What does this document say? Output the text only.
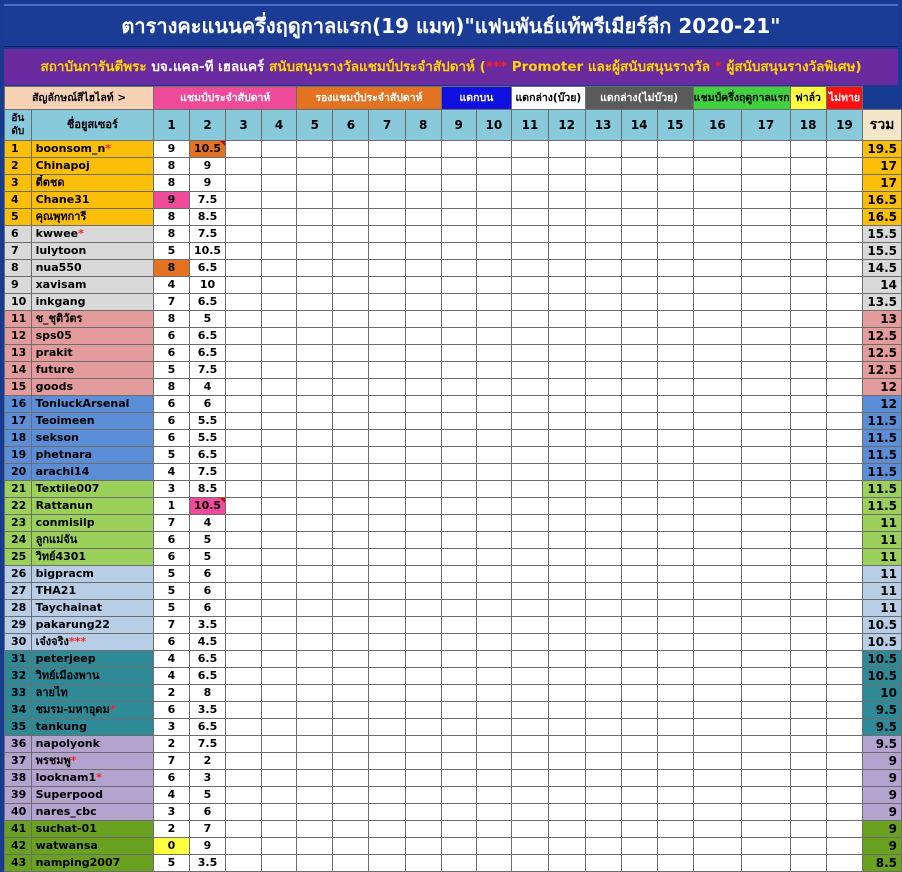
ตารางคะแนนครึ่งฤดูกาลแรก(19 แมท)"แฟนพันธ์แท้พรีเมียร์ลีก 2020-21"
สถาบันการันตีพระ บจ.แคล-ที เฮลแคร์ สนับสนุนรางวัลแชมป์ประจำสัปดาห์ (*** Promoter และผู้สนับสนุนรางวัล * ผู้สนับสนุนรางวัลพิเศษ)
สัญลักษณ์สีไฮไลท์ >		แชมป์ประจำสัปดาห์				รองแชมป์ประจำสัปดาห์				แดกบน		แดกล่าง(บ๊วย)		แดกล่าง(ไม่บ๊วย)			แชมป์ครึ่งฤดูกาลแรก		ฟาล์ว	ไม่ทาย	
อัน ดับ	ชื่อยูสเซอร์	1	2	3	4	5	6	7	8	9	10	11	12	13	14	15	16	17	18	19	รวม
1	boonsom_n*	9	10.5																		19.5
2	Chinapoj	8	9																		17
3	ตี๋ตชด	8	9																		17
4	Chane31	9	7.5																		16.5
5	คุณพุทการี	8	8.5																		16.5
6	kwwee*	8	7.5																		15.5
7	lulytoon	5	10.5																		15.5
8	nua550	8	6.5																		14.5
9	xavisam	4	10																		14
10	inkgang	7	6.5																		13.5
11	ช_ชุติวัตร	8	5																		13
12	sps05	6	6.5																		12.5
13	prakit	6	6.5																		12.5
14	future	5	7.5																		12.5
15	goods	8	4																		12
16	TonluckArsenal	6	6																		12
17	Teoimeen	6	5.5																		11.5
18	sekson	6	5.5																		11.5
19	phetnara	5	6.5																		11.5
20	arachi14	4	7.5																		11.5
21	Textile007	3	8.5																		11.5
22	Rattanun	1	10.5																		11.5
23	conmisilp	7	4																		11
24	ลูกแม่จัน	6	5																		11
25	วิทย์4301	6	5																		11
26	bigpracm	5	6																		11
27	THA21	5	6																		11
28	Taychainat	5	6																		11
29	pakarung22	7	3.5																		10.5
30	เจ๋งจริง***	6	4.5																		10.5
31	peterjeep	4	6.5																		10.5
32	วิทย์เมืองพาน	4	6.5																		10.5
33	ลายไท	2	8																		10
34	ชมรม-มหาอุดม*	6	3.5																		9.5
35	tankung	3	6.5																		9.5
36	napolyonk	2	7.5																		9.5
37	พรชมพู*	7	2																		9
38	looknam1*	6	3																		9
39	Superpood	4	5																		9
40	nares_cbc	3	6																		9
41	suchat-01	2	7																		9
42	watwansa	0	9																		9
43	namping2007	5	3.5																		8.5
